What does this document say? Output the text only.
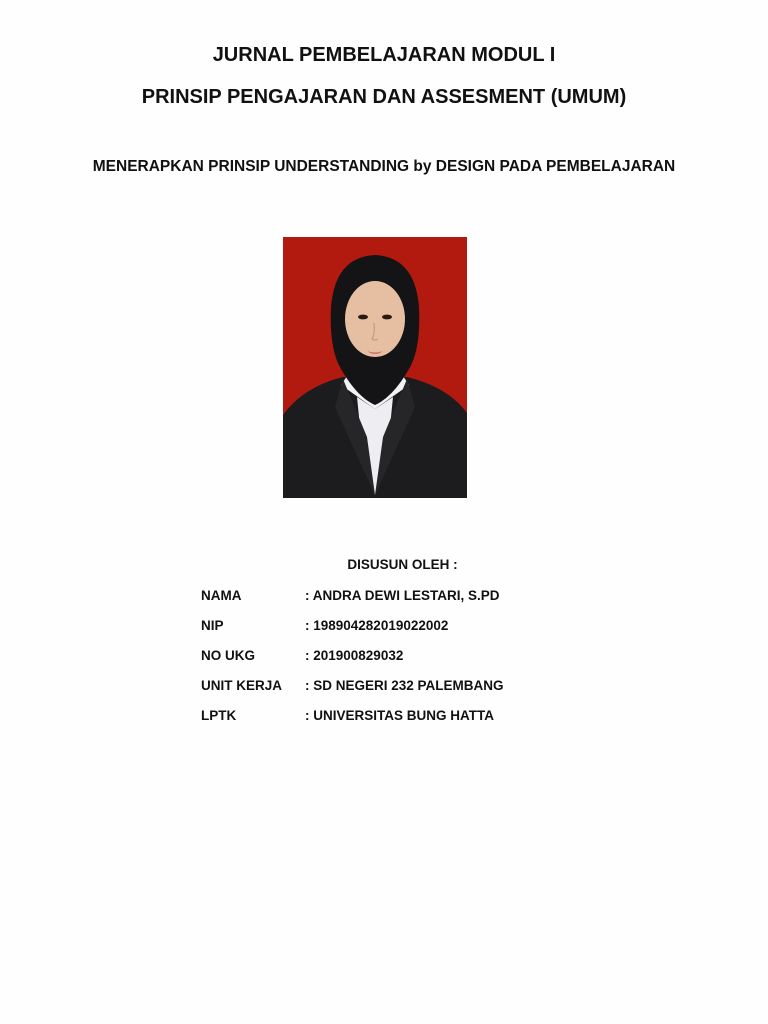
JURNAL PEMBELAJARAN MODUL I
PRINSIP PENGAJARAN DAN ASSESMENT (UMUM)
MENERAPKAN PRINSIP UNDERSTANDING by DESIGN PADA PEMBELAJARAN

DISUSUN OLEH :

NAMA	: ANDRA DEWI LESTARI, S.PD
NIP	: 198904282019022002
NO UKG	: 201900829032
UNIT KERJA : SD NEGERI 232 PALEMBANG
LPTK	: UNIVERSITAS BUNG HATTA
